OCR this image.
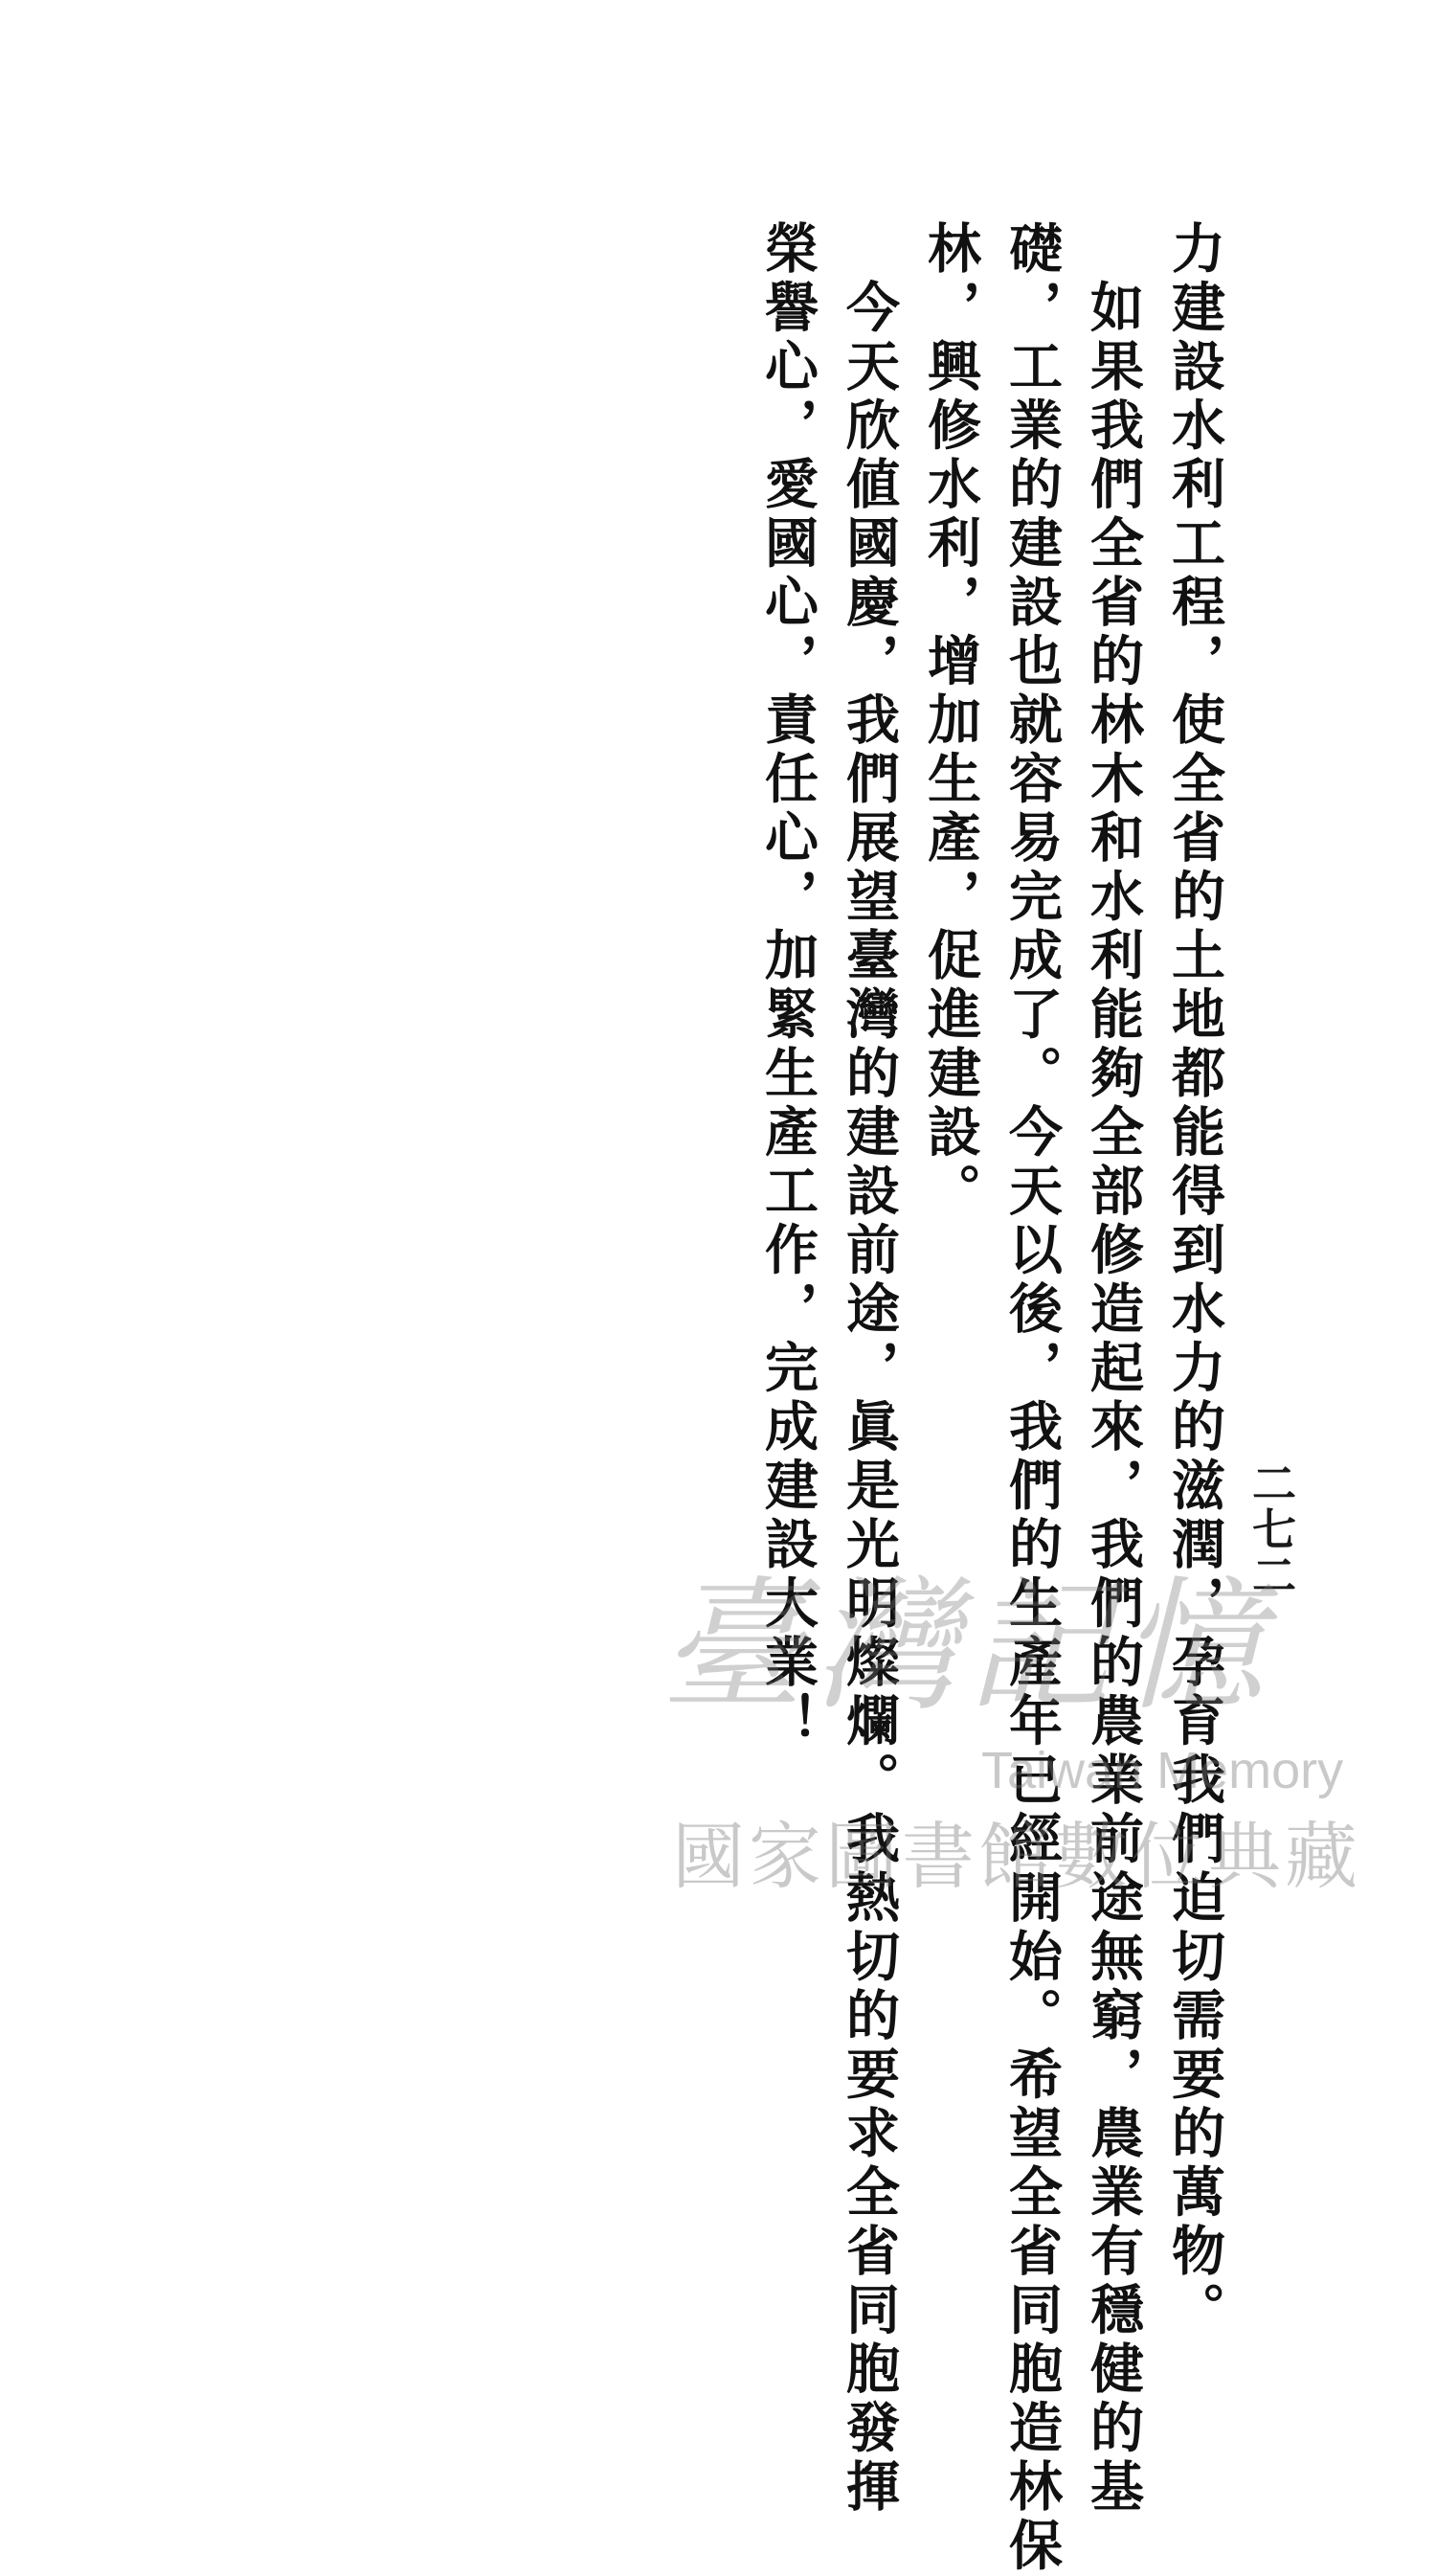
二七二
力建設水利工程，使全省的土地都能得到水力的滋潤，孕育我們迫切需要的萬物。
　如果我們全省的林木和水利能夠全部修造起來，我們的農業前途無窮，農業有穩健的基
礎，工業的建設也就容易完成了。今天以後，我們的生產年已經開始。希望全省同胞造林保
林，興修水利，增加生產，促進建設。
　今天欣値國慶，我們展望臺灣的建設前途，眞是光明燦爛。我熱切的要求全省同胞發揮
榮譽心，愛國心，責任心，加緊生產工作，完成建設大業！
臺灣記憶
Taiwan Memory
國家圖書館數位典藏
